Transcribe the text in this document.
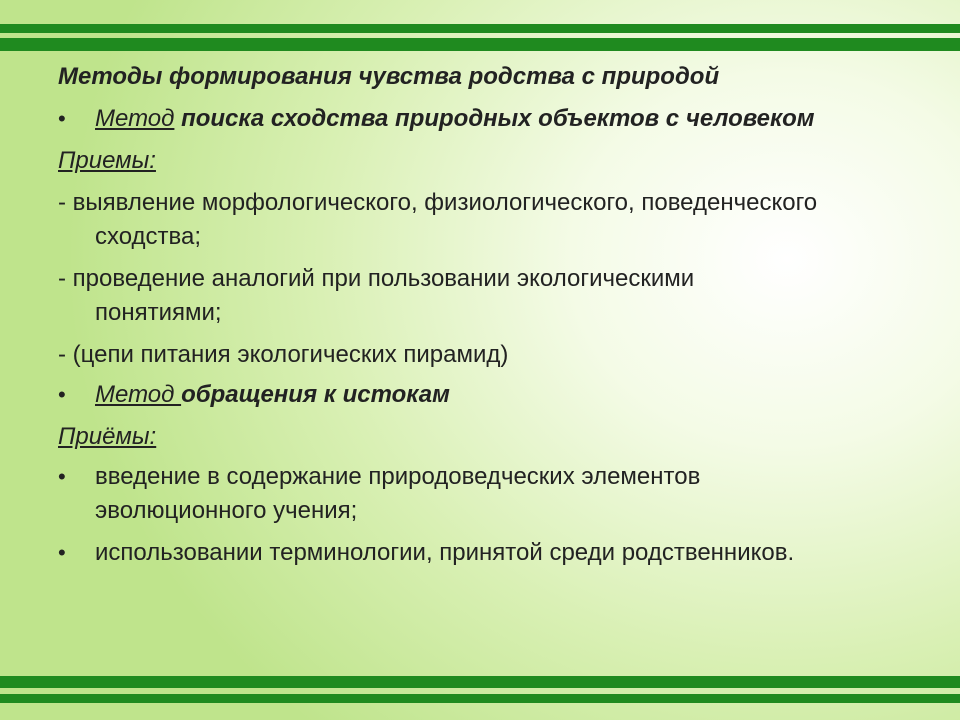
Методы формирования чувства родства с природой
•	Метод поиска сходства природных объектов с человеком
Приемы:
- выявление морфологического, физиологического, поведенческого
сходства;
- проведение аналогий при пользовании экологическими
понятиями;
- (цепи питания экологических пирамид)
•	Метод обращения к истокам
Приёмы:
•	введение в содержание природоведческих элементов
эволюционного учения;
•	использовании терминологии, принятой среди родственников.
